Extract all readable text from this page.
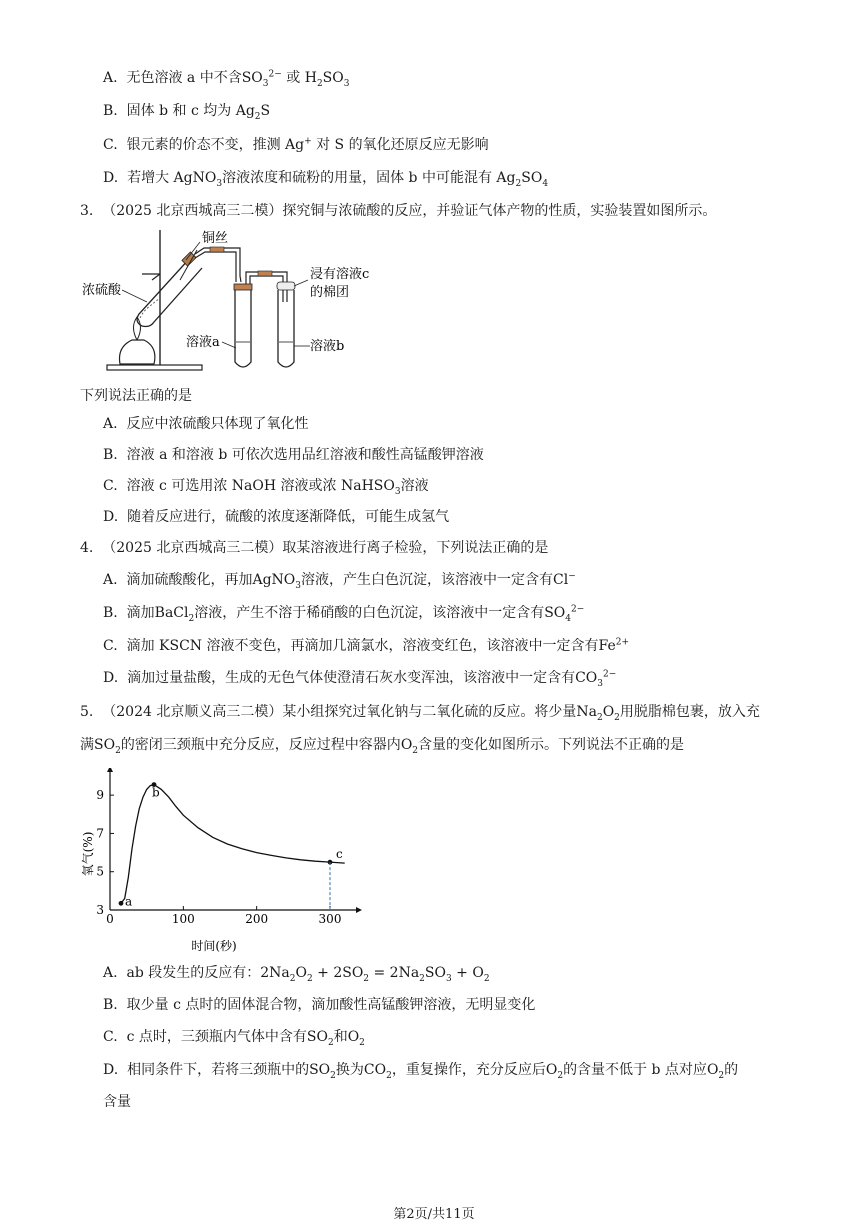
A. 无色溶液 a 中不含$SO_3^{2-}$ 或 $H_2SO_3$
B. 固体 b 和 c 均为 $Ag_2S$
C. 银元素的价态不变，推测 Ag+ 对 S 的氧化还原反应无影响
D. 若增大 AgNO$_3$溶液浓度和硫粉的用量，固体 b 中可能混有 $Ag_2SO_4$
3. （2025 北京西城高三二模）探究铜与浓硫酸的反应，并验证气体产物的性质，实验装置如图所示。
铜丝
浓硫酸
溶液a	溶液b
浸有溶液c
的棉团
下列说法正确的是
A. 反应中浓硫酸只体现了氧化性
B. 溶液 a 和溶液 b 可依次选用品红溶液和酸性高锰酸钾溶液
C. 溶液 c 可选用浓 NaOH 溶液或浓 NaHSO$_3$溶液
D. 随着反应进行，硫酸的浓度逐渐降低，可能生成氢气
4. （2025 北京西城高三二模）取某溶液进行离子检验，下列说法正确的是
A. 滴加硫酸酸化，再加AgNO$_3$溶液，产生白色沉淀，该溶液中一定含有Cl−
B. 滴加BaCl$_2$溶液，产生不溶于稀硝酸的白色沉淀，该溶液中一定含有$SO_4^{2-}$
C. 滴加 KSCN 溶液不变色，再滴加几滴氯水，溶液变红色，该溶液中一定含有$Fe^{2+}$
D. 滴加过量盐酸，生成的无色气体使澄清石灰水变浑浊，该溶液中一定含有$CO_3^{2-}$
5. （2024 北京顺义高三二模）某小组探究过氧化钠与二氧化硫的反应。将少量$Na_2O_2$用脱脂棉包裹，放入充
满$SO_2$的密闭三颈瓶中充分反应，反应过程中容器内$O_2$含量的变化如图所示。下列说法不正确的是
0	100	200	300
3
5
7
9
a
b
c
时间(秒)
氧气(%)
A. ab 段发生的反应有：$2Na_2O_2 + 2SO_2 = 2Na_2SO_3 + O_2$
B. 取少量 c 点时的固体混合物，滴加酸性高锰酸钾溶液，无明显变化
C. c 点时，三颈瓶内气体中含有$SO_2$和$O_2$
D. 相同条件下，若将三颈瓶中的$SO_2$换为$CO_2$，重复操作，充分反应后$O_2$的含量不低于 b 点对应$O_2$的
含量
第2页/共11页
